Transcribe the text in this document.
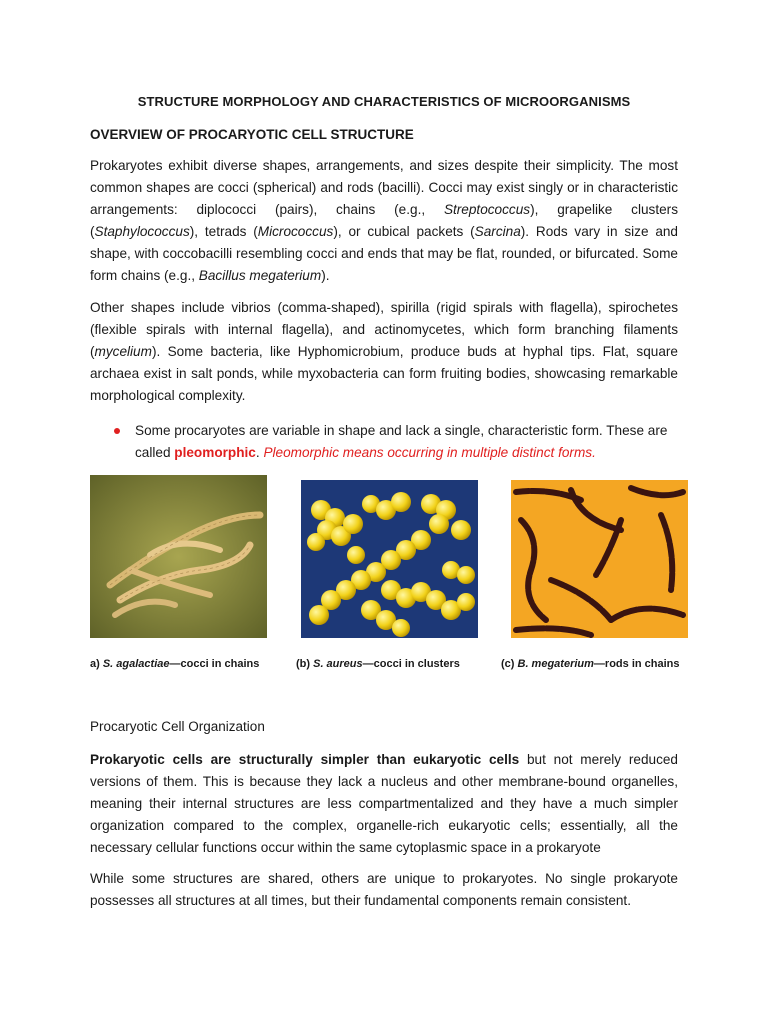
STRUCTURE MORPHOLOGY AND CHARACTERISTICS OF MICROORGANISMS
OVERVIEW OF PROCARYOTIC CELL STRUCTURE
Prokaryotes exhibit diverse shapes, arrangements, and sizes despite their simplicity. The most common shapes are cocci (spherical) and rods (bacilli). Cocci may exist singly or in characteristic arrangements: diplococci (pairs), chains (e.g., Streptococcus), grapelike clusters (Staphylococcus), tetrads (Micrococcus), or cubical packets (Sarcina). Rods vary in size and shape, with coccobacilli resembling cocci and ends that may be flat, rounded, or bifurcated. Some form chains (e.g., Bacillus megaterium).
Other shapes include vibrios (comma-shaped), spirilla (rigid spirals with flagella), spirochetes (flexible spirals with internal flagella), and actinomycetes, which form branching filaments (mycelium). Some bacteria, like Hyphomicrobium, produce buds at hyphal tips. Flat, square archaea exist in salt ponds, while myxobacteria can form fruiting bodies, showcasing remarkable morphological complexity.
Some procaryotes are variable in shape and lack a single, characteristic form. These are called pleomorphic. Pleomorphic means occurring in multiple distinct forms.
a) S. agalactiae—cocci in chains	(b) S. aureus—cocci in clusters	(c) B. megaterium—rods in chains
Procaryotic Cell Organization
Prokaryotic cells are structurally simpler than eukaryotic cells but not merely reduced versions of them. This is because they lack a nucleus and other membrane-bound organelles, meaning their internal structures are less compartmentalized and they have a much simpler organization compared to the complex, organelle-rich eukaryotic cells; essentially, all the necessary cellular functions occur within the same cytoplasmic space in a prokaryote
While some structures are shared, others are unique to prokaryotes. No single prokaryote possesses all structures at all times, but their fundamental components remain consistent.
